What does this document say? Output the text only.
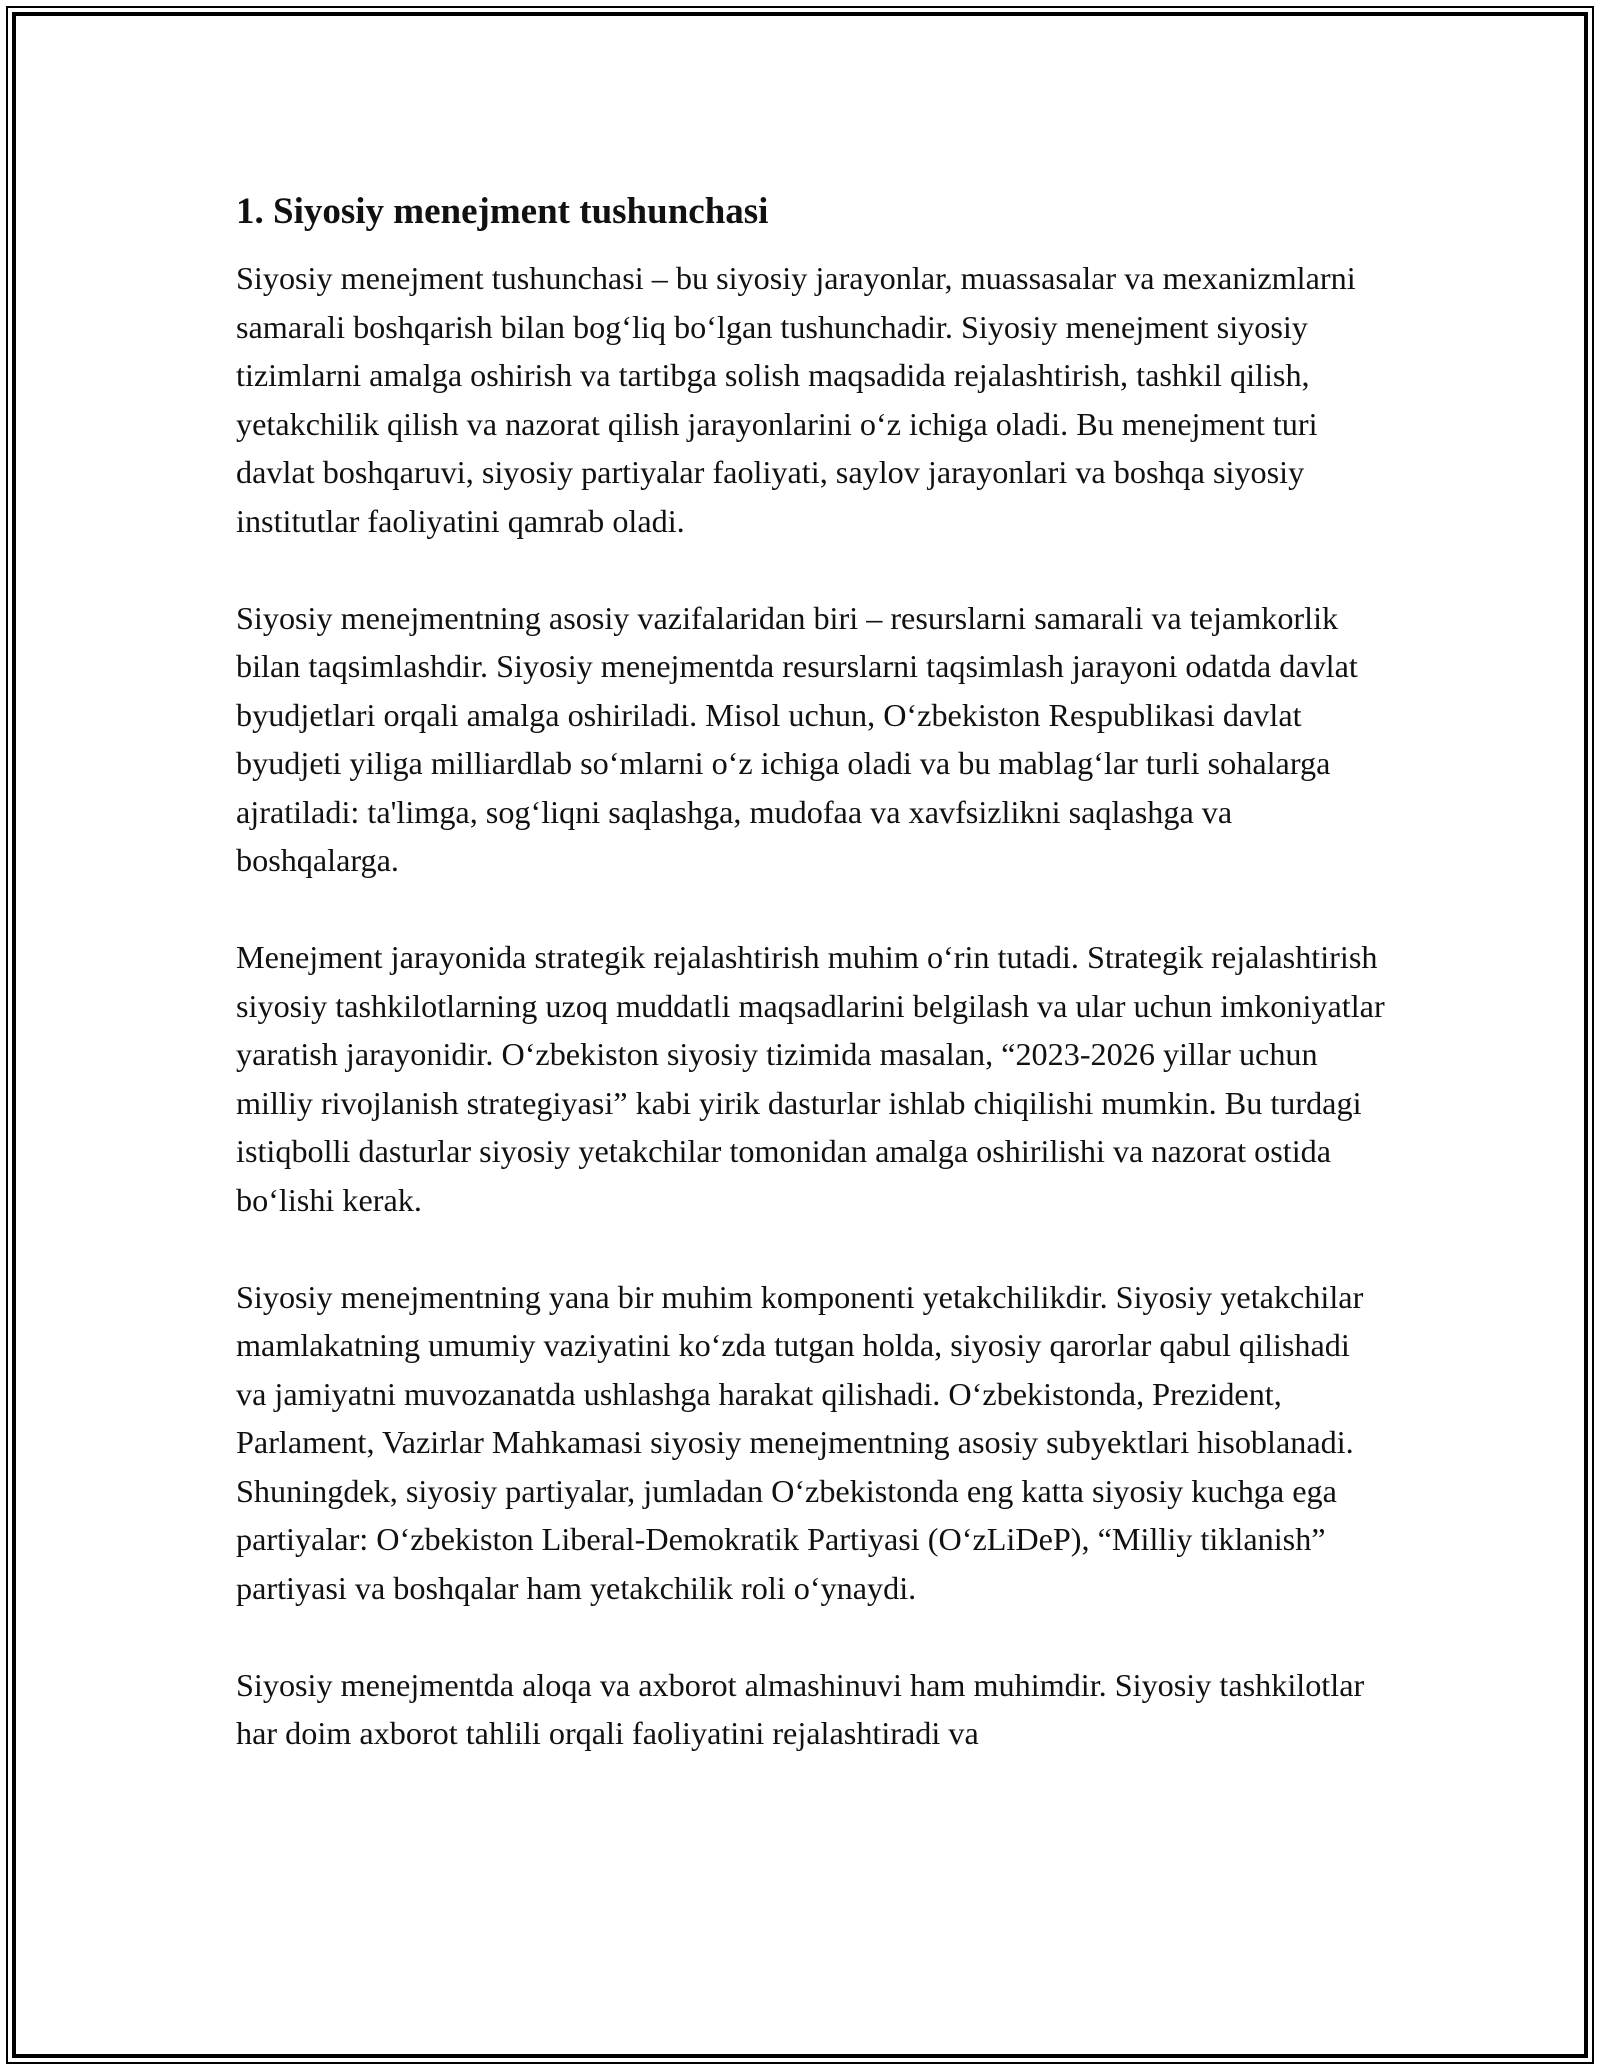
1. Siyosiy menejment tushunchasi

Siyosiy menejment tushunchasi – bu siyosiy jarayonlar, muassasalar va mexanizmlarni samarali boshqarish bilan bog‘liq bo‘lgan tushunchadir. Siyosiy menejment siyosiy tizimlarni amalga oshirish va tartibga solish maqsadida rejalashtirish, tashkil qilish, yetakchilik qilish va nazorat qilish jarayonlarini o‘z ichiga oladi. Bu menejment turi davlat boshqaruvi, siyosiy partiyalar faoliyati, saylov jarayonlari va boshqa siyosiy institutlar faoliyatini qamrab oladi.

Siyosiy menejmentning asosiy vazifalaridan biri – resurslarni samarali va tejamkorlik bilan taqsimlashdir. Siyosiy menejmentda resurslarni taqsimlash jarayoni odatda davlat byudjetlari orqali amalga oshiriladi. Misol uchun, O‘zbekiston Respublikasi davlat byudjeti yiliga milliardlab so‘mlarni o‘z ichiga oladi va bu mablag‘lar turli sohalarga ajratiladi: ta'limga, sog‘liqni saqlashga, mudofaa va xavfsizlikni saqlashga va boshqalarga.

Menejment jarayonida strategik rejalashtirish muhim o‘rin tutadi. Strategik rejalashtirish siyosiy tashkilotlarning uzoq muddatli maqsadlarini belgilash va ular uchun imkoniyatlar yaratish jarayonidir. O‘zbekiston siyosiy tizimida masalan, “2023-2026 yillar uchun milliy rivojlanish strategiyasi” kabi yirik dasturlar ishlab chiqilishi mumkin. Bu turdagi istiqbolli dasturlar siyosiy yetakchilar tomonidan amalga oshirilishi va nazorat ostida bo‘lishi kerak.

Siyosiy menejmentning yana bir muhim komponenti yetakchilikdir. Siyosiy yetakchilar mamlakatning umumiy vaziyatini ko‘zda tutgan holda, siyosiy qarorlar qabul qilishadi va jamiyatni muvozanatda ushlashga harakat qilishadi. O‘zbekistonda, Prezident, Parlament, Vazirlar Mahkamasi siyosiy menejmentning asosiy subyektlari hisoblanadi. Shuningdek, siyosiy partiyalar, jumladan O‘zbekistonda eng katta siyosiy kuchga ega partiyalar: O‘zbekiston Liberal-Demokratik Partiyasi (O‘zLiDeP), “Milliy tiklanish” partiyasi va boshqalar ham yetakchilik roli o‘ynaydi.

Siyosiy menejmentda aloqa va axborot almashinuvi ham muhimdir. Siyosiy tashkilotlar har doim axborot tahlili orqali faoliyatini rejalashtiradi va
